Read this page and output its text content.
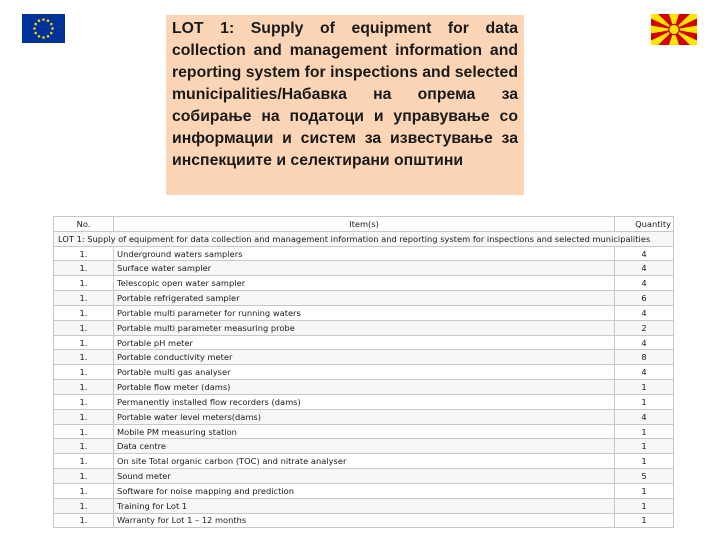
LOT 1: Supply of equipment for data collection and management information and reporting system for inspections and selected municipalities/Набавка на опрема за собирање на податоци и управување со информации и систем за известување за инспекциите и селектирани општини

No.	Item(s)	Quantity
LOT 1: Supply of equipment for data collection and management information and reporting system for inspections and selected municipalities		
1.	Underground waters samplers	4
1.	Surface water sampler	4
1.	Telescopic open water sampler	4
1.	Portable refrigerated sampler	6
1.	Portable multi parameter for running waters	4
1.	Portable multi parameter measuring probe	2
1.	Portable pH meter	4
1.	Portable conductivity meter	8
1.	Portable multi gas analyser	4
1.	Portable flow meter (dams)	1
1.	Permanently installed flow recorders (dams)	1
1.	Portable water level meters(dams)	4
1.	Mobile PM measuring station	1
1.	Data centre	1
1.	On site Total organic carbon (TOC) and nitrate analyser	1
1.	Sound meter	5
1.	Software for noise mapping and prediction	1
1.	Training for Lot 1	1
1.	Warranty for Lot 1 – 12 months	1
